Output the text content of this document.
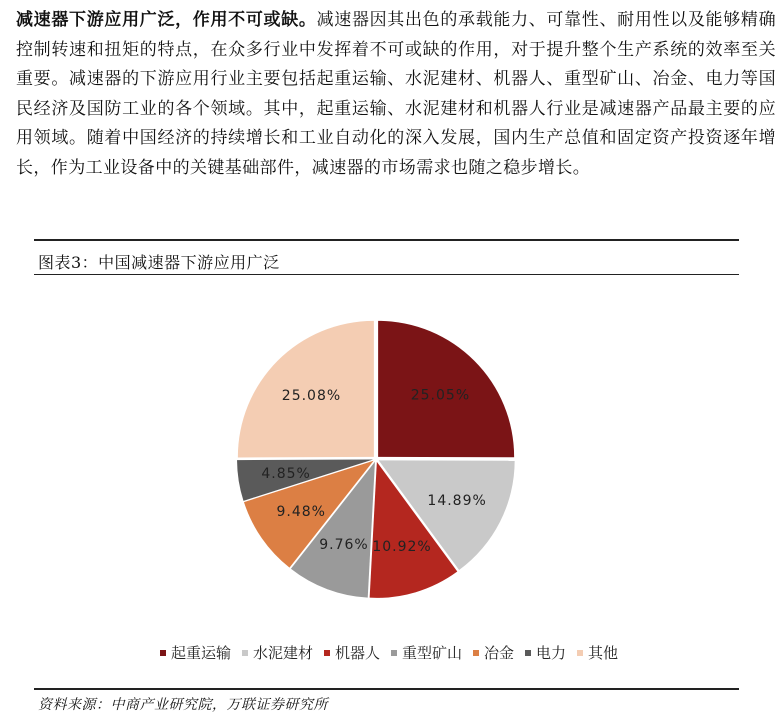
减速器下游应用广泛，作用不可或缺。减速器因其出色的承载能力、可靠性、耐用性以及能够精确控制转速和扭矩的特点，在众多行业中发挥着不可或缺的作用，对于提升整个生产系统的效率至关重要。减速器的下游应用行业主要包括起重运输、水泥建材、机器人、重型矿山、冶金、电力等国民经济及国防工业的各个领域。其中，起重运输、水泥建材和机器人行业是减速器产品最主要的应用领域。随着中国经济的持续增长和工业自动化的深入发展，国内生产总值和固定资产投资逐年增长，作为工业设备中的关键基础部件，减速器的市场需求也随之稳步增长。
图表3：中国减速器下游应用广泛
25.05%
14.89%
10.92%
9.76%
9.48%
4.85%
25.08%
起重运输 水泥建材 机器人 重型矿山 冶金 电力 其他
资料来源：中商产业研究院，万联证券研究所
